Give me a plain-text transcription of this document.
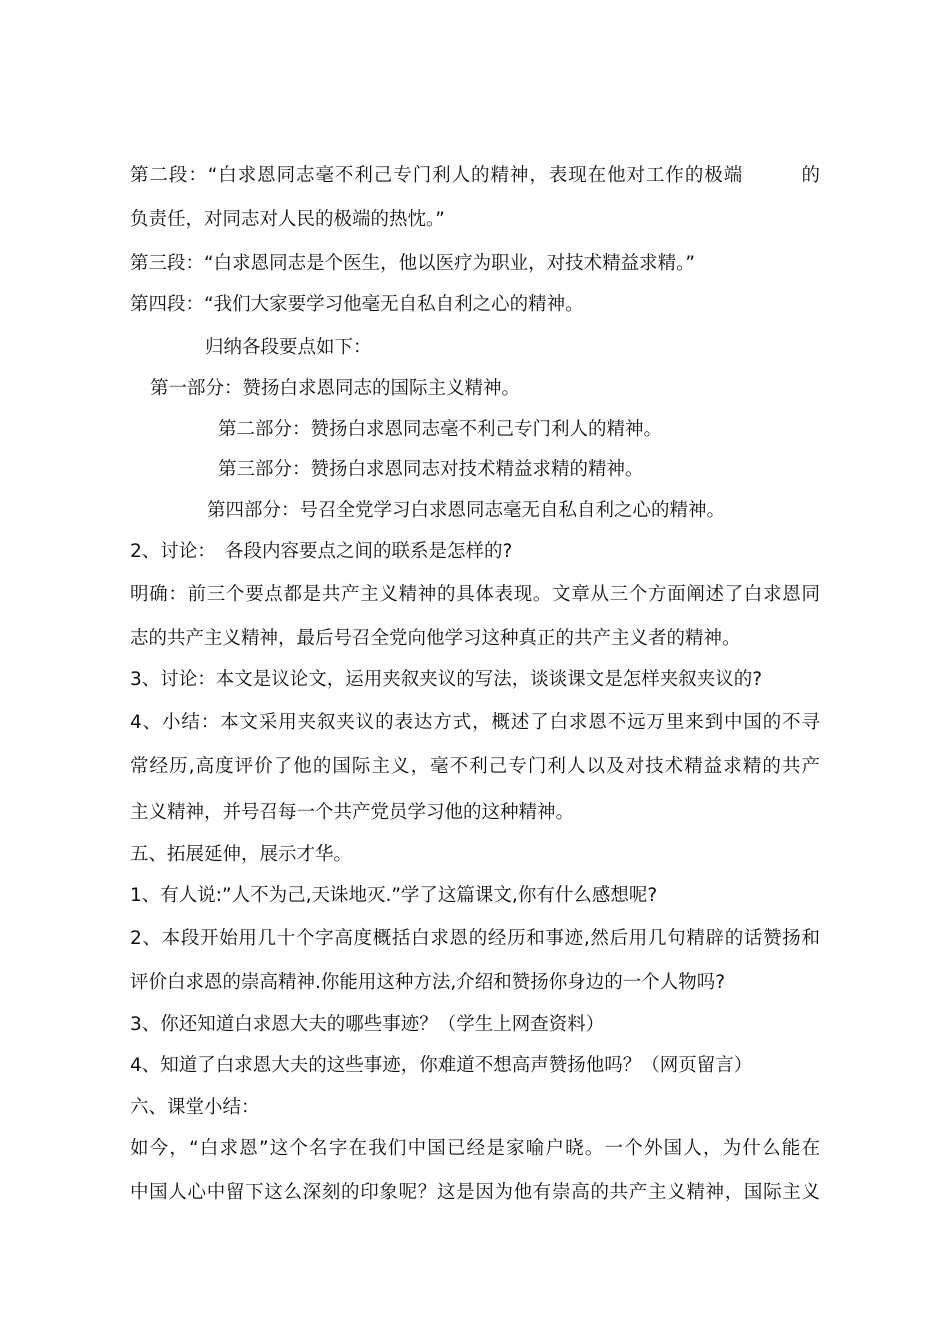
第二段：“白求恩同志毫不利己专门利人的精神，表现在他对工作的极端　　　的

负责任，对同志对人民的极端的热忱。”

第三段：“白求恩同志是个医生，他以医疗为职业，对技术精益求精。”

第四段：“我们大家要学习他毫无自私自利之心的精神。

归纳各段要点如下：

第一部分：赞扬白求恩同志的国际主义精神。

第二部分：赞扬白求恩同志毫不利己专门利人的精神。

第三部分：赞扬白求恩同志对技术精益求精的精神。

第四部分：号召全党学习白求恩同志毫无自私自利之心的精神。

2、讨论：　各段内容要点之间的联系是怎样的?

明确：前三个要点都是共产主义精神的具体表现。文章从三个方面阐述了白求恩同

志的共产主义精神，最后号召全党向他学习这种真正的共产主义者的精神。

3、讨论：本文是议论文，运用夹叙夹议的写法，谈谈课文是怎样夹叙夹议的?

4、小结：本文采用夹叙夹议的表达方式，概述了白求恩不远万里来到中国的不寻

常经历,高度评价了他的国际主义，毫不利己专门利人以及对技术精益求精的共产

主义精神，并号召每一个共产党员学习他的这种精神。

五、拓展延伸，展示才华。

1、有人说:”人不为己,天诛地灭.”学了这篇课文,你有什么感想呢?

2、本段开始用几十个字高度概括白求恩的经历和事迹,然后用几句精辟的话赞扬和

评价白求恩的崇高精神.你能用这种方法,介绍和赞扬你身边的一个人物吗?

3、你还知道白求恩大夫的哪些事迹？（学生上网查资料）

4、知道了白求恩大夫的这些事迹，你难道不想高声赞扬他吗？（网页留言）

六、课堂小结：

如今，“白求恩”这个名字在我们中国已经是家喻户晓。一个外国人，为什么能在

中国人心中留下这么深刻的印象呢？这是因为他有崇高的共产主义精神，国际主义
